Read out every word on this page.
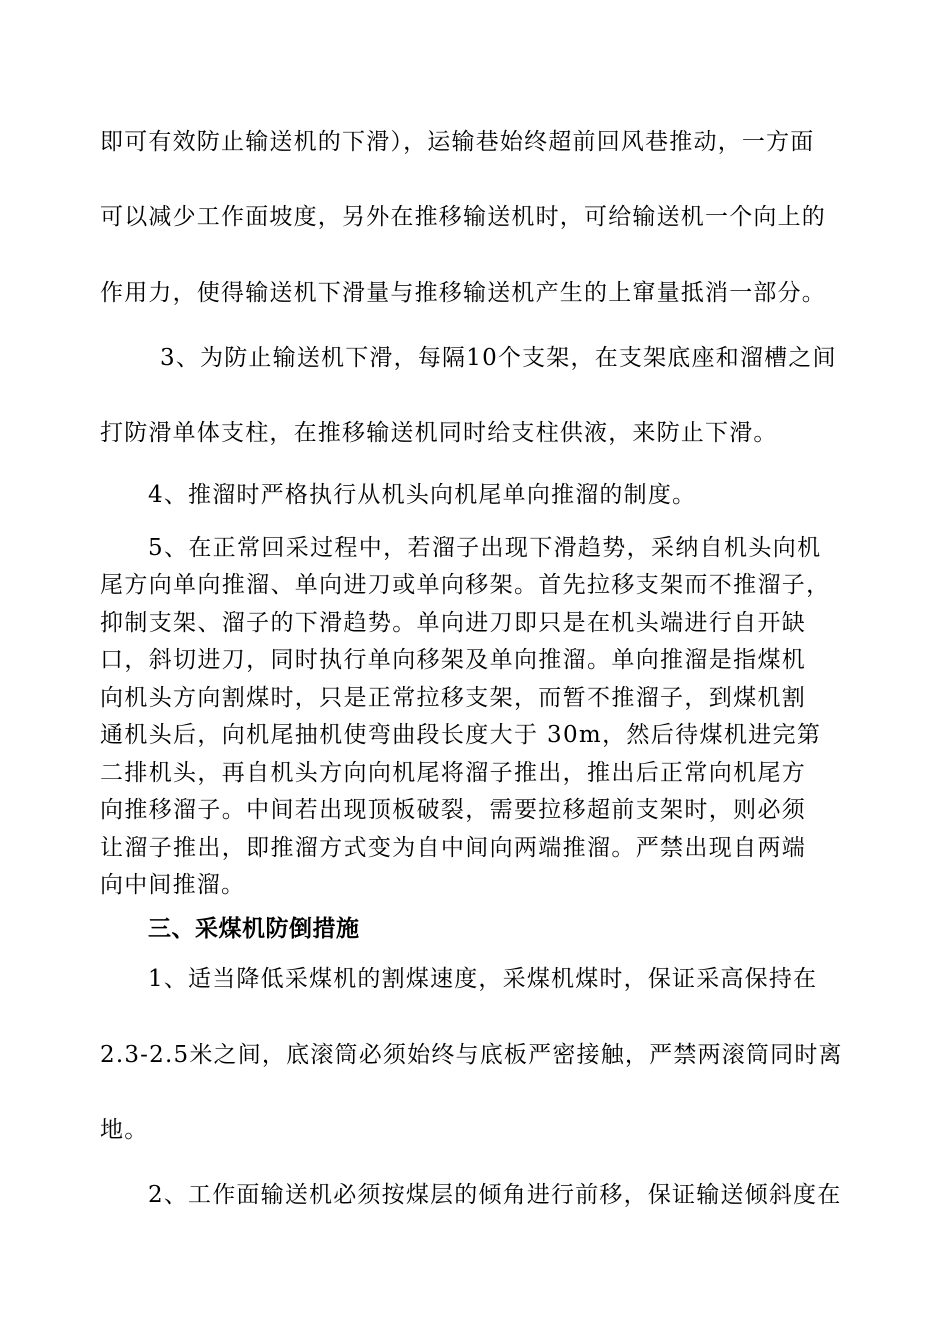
即可有效防止输送机的下滑），运输巷始终超前回风巷推动，一方面
可以减少工作面坡度，另外在推移输送机时，可给输送机一个向上的
作用力，使得输送机下滑量与推移输送机产生的上窜量抵消一部分。
3、为防止输送机下滑，每隔10个支架，在支架底座和溜槽之间
打防滑单体支柱，在推移输送机同时给支柱供液，来防止下滑。
4、推溜时严格执行从机头向机尾单向推溜的制度。
5、在正常回采过程中，若溜子出现下滑趋势，采纳自机头向机
尾方向单向推溜、单向进刀或单向移架。首先拉移支架而不推溜子，
抑制支架、溜子的下滑趋势。单向进刀即只是在机头端进行自开缺
口，斜切进刀，同时执行单向移架及单向推溜。单向推溜是指煤机
向机头方向割煤时，只是正常拉移支架，而暂不推溜子，到煤机割
通机头后，向机尾抽机使弯曲段长度大于 30m，然后待煤机进完第
二排机头，再自机头方向向机尾将溜子推出，推出后正常向机尾方
向推移溜子。中间若出现顶板破裂，需要拉移超前支架时，则必须
让溜子推出，即推溜方式变为自中间向两端推溜。严禁出现自两端
向中间推溜。
三、采煤机防倒措施
1、适当降低采煤机的割煤速度，采煤机煤时，保证采高保持在
2.3-2.5米之间，底滚筒必须始终与底板严密接触，严禁两滚筒同时离
地。
2、工作面输送机必须按煤层的倾角进行前移，保证输送倾斜度在
